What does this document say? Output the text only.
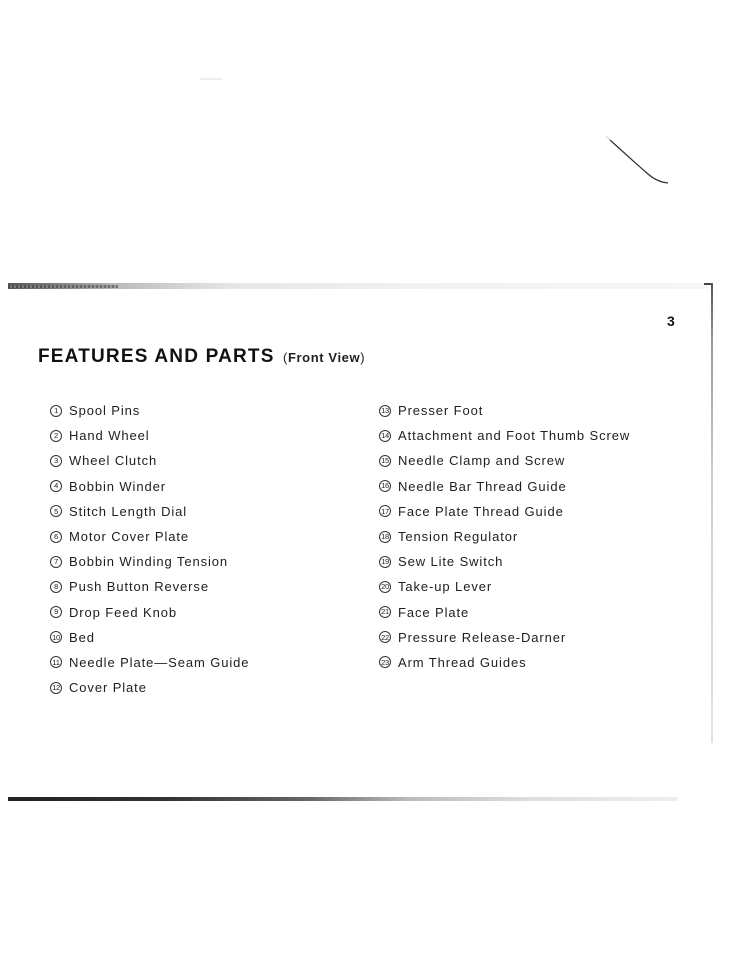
3
FEATURES AND PARTS (Front View)
1 Spool Pins
2 Hand Wheel
3 Wheel Clutch
4 Bobbin Winder
5 Stitch Length Dial
6 Motor Cover Plate
7 Bobbin Winding Tension
8 Push Button Reverse
9 Drop Feed Knob
10 Bed
11 Needle Plate—Seam Guide
12 Cover Plate
13 Presser Foot
14 Attachment and Foot Thumb Screw
15 Needle Clamp and Screw
16 Needle Bar Thread Guide
17 Face Plate Thread Guide
18 Tension Regulator
19 Sew Lite Switch
20 Take-up Lever
21 Face Plate
22 Pressure Release-Darner
23 Arm Thread Guides
